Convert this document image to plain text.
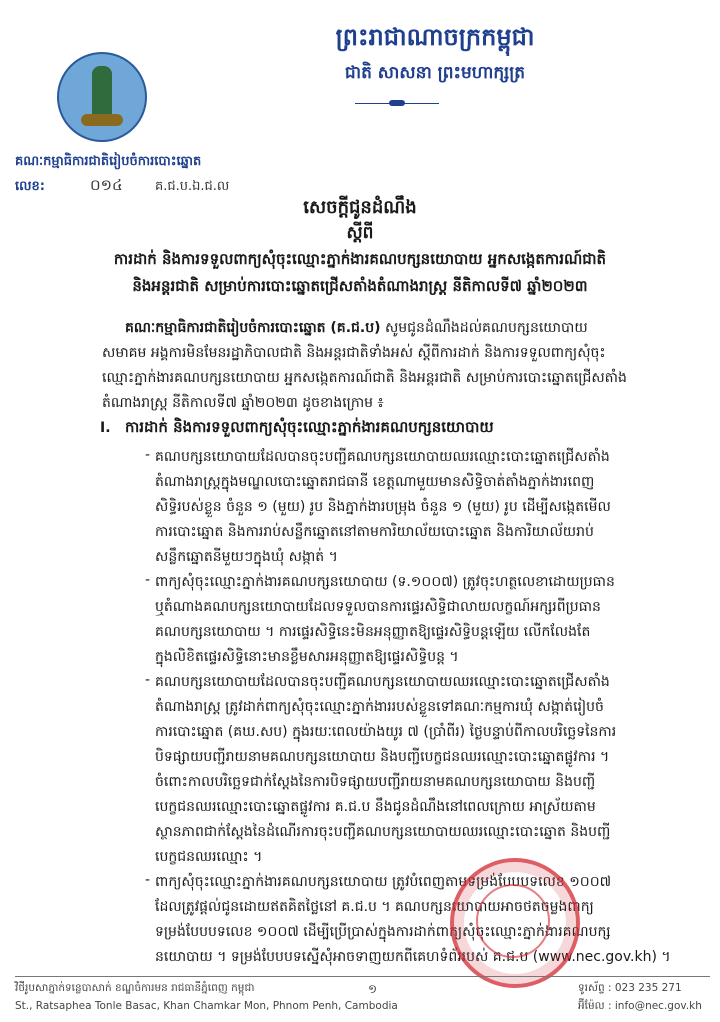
ព្រះរាជាណាចក្រកម្ពុជា
ជាតិ សាសនា ព្រះមហាក្សត្រ
គណៈកម្មាធិការជាតិរៀបចំការបោះឆ្នោត
លេខ:	០១៤ គ.ជ.ប.ឯ.ជ.ល
សេចក្តីជូនដំណឹង
ស្តីពី
ការដាក់ និងការទទួលពាក្យសុំចុះឈ្មោះភ្នាក់ងារគណបក្សនយោបាយ អ្នកសង្កេតការណ៍ជាតិ
និងអន្តរជាតិ សម្រាប់ការបោះឆ្នោតជ្រើសតាំងតំណាងរាស្ត្រ នីតិកាលទី៧ ឆ្នាំ២០២៣
គណៈកម្មាធិការជាតិរៀបចំការបោះឆ្នោត (គ.ជ.ប) សូមជូនដំណឹងដល់គណបក្សនយោបាយ
សមាគម អង្គការមិនមែនរដ្ឋាភិបាលជាតិ និងអន្តរជាតិទាំងអស់ ស្តីពីការដាក់ និងការទទួលពាក្យសុំចុះ
ឈ្មោះភ្នាក់ងារគណបក្សនយោបាយ អ្នកសង្កេតការណ៍ជាតិ និងអន្តរជាតិ សម្រាប់ការបោះឆ្នោតជ្រើសតាំង
តំណាងរាស្ត្រ នីតិកាលទី៧ ឆ្នាំ២០២៣ ដូចខាងក្រោម ៖
I. ការដាក់ និងការទទួលពាក្យសុំចុះឈ្មោះភ្នាក់ងារគណបក្សនយោបាយ
- គណបក្សនយោបាយដែលបានចុះបញ្ជីគណបក្សនយោបាយឈរឈ្មោះបោះឆ្នោតជ្រើសតាំង
តំណាងរាស្ត្រក្នុងមណ្ឌលបោះឆ្នោតរាជធានី ខេត្តណាមួយមានសិទ្ធិចាត់តាំងភ្នាក់ងារពេញ
សិទ្ធិរបស់ខ្លួន ចំនួន ១ (មួយ) រូប និងភ្នាក់ងារបម្រុង ចំនួន ១ (មួយ) រូប ដើម្បីសង្កេតមើល
ការបោះឆ្នោត និងការរាប់សន្លឹកឆ្នោតនៅតាមការិយាល័យបោះឆ្នោត និងការិយាល័យរាប់
សន្លឹកឆ្នោតនីមួយៗក្នុងឃុំ សង្កាត់ ។
- ពាក្យសុំចុះឈ្មោះភ្នាក់ងារគណបក្សនយោបាយ (ទ.១០០៧) ត្រូវចុះហត្ថលេខាដោយប្រធាន
ឬតំណាងគណបក្សនយោបាយដែលទទួលបានការផ្ទេរសិទ្ធិជាលាយលក្ខណ៍អក្សរពីប្រធាន
គណបក្សនយោបាយ ។ ការផ្ទេរសិទ្ធិនេះមិនអនុញ្ញាតឱ្យផ្ទេរសិទ្ធិបន្តឡើយ លើកលែងតែ
ក្នុងលិខិតផ្ទេរសិទ្ធិនោះមានខ្លឹមសារអនុញ្ញាតឱ្យផ្ទេរសិទ្ធិបន្ត ។
- គណបក្សនយោបាយដែលបានចុះបញ្ជីគណបក្សនយោបាយឈរឈ្មោះបោះឆ្នោតជ្រើសតាំង
តំណាងរាស្ត្រ ត្រូវដាក់ពាក្យសុំចុះឈ្មោះភ្នាក់ងាររបស់ខ្លួនទៅគណៈកម្មការឃុំ សង្កាត់រៀបចំ
ការបោះឆ្នោត (គឃ.សប) ក្នុងរយៈពេលយ៉ាងយូរ ៧ (ប្រាំពីរ) ថ្ងៃបន្ទាប់ពីកាលបរិច្ឆេទនៃការ
បិទផ្សាយបញ្ជីរាយនាមគណបក្សនយោបាយ និងបញ្ជីបេក្ខជនឈរឈ្មោះបោះឆ្នោតផ្លូវការ ។
ចំពោះកាលបរិច្ឆេទជាក់ស្តែងនៃការបិទផ្សាយបញ្ជីរាយនាមគណបក្សនយោបាយ និងបញ្ជី
បេក្ខជនឈរឈ្មោះបោះឆ្នោតផ្លូវការ គ.ជ.ប នឹងជូនដំណឹងនៅពេលក្រោយ អាស្រ័យតាម
ស្ថានភាពជាក់ស្តែងនៃដំណើរការចុះបញ្ជីគណបក្សនយោបាយឈរឈ្មោះបោះឆ្នោត និងបញ្ជី
បេក្ខជនឈរឈ្មោះ ។
- ពាក្យសុំចុះឈ្មោះភ្នាក់ងារគណបក្សនយោបាយ ត្រូវបំពេញតាមទម្រង់បែបបទលេខ ១០០៧
ដែលត្រូវផ្តល់ជូនដោយឥតគិតថ្លៃនៅ គ.ជ.ប ។ គណបក្សនយោបាយអាចថតចម្លងពាក្យ
ទម្រង់បែបបទលេខ ១០០៧ ដើម្បីប្រើប្រាស់ក្នុងការដាក់ពាក្យសុំចុះឈ្មោះភ្នាក់ងារគណបក្ស
នយោបាយ ។ ទម្រង់បែបបទស្នើសុំអាចទាញយកពីគេហទំព័ររបស់ គ.ជ.ប (www.nec.gov.kh) ។
វិថីរូបសាភ្នាក់ទន្លេបាសាក់ ខណ្ឌចំការមន រាជធានីភ្នំពេញ កម្ពុជា
St., Ratsaphea Tonle Basac, Khan Chamkar Mon, Phnom Penh, Cambodia
១	ទូរស័ព្ទ : 023 235 271
អ៊ីម៉ែល : info@nec.gov.kh
